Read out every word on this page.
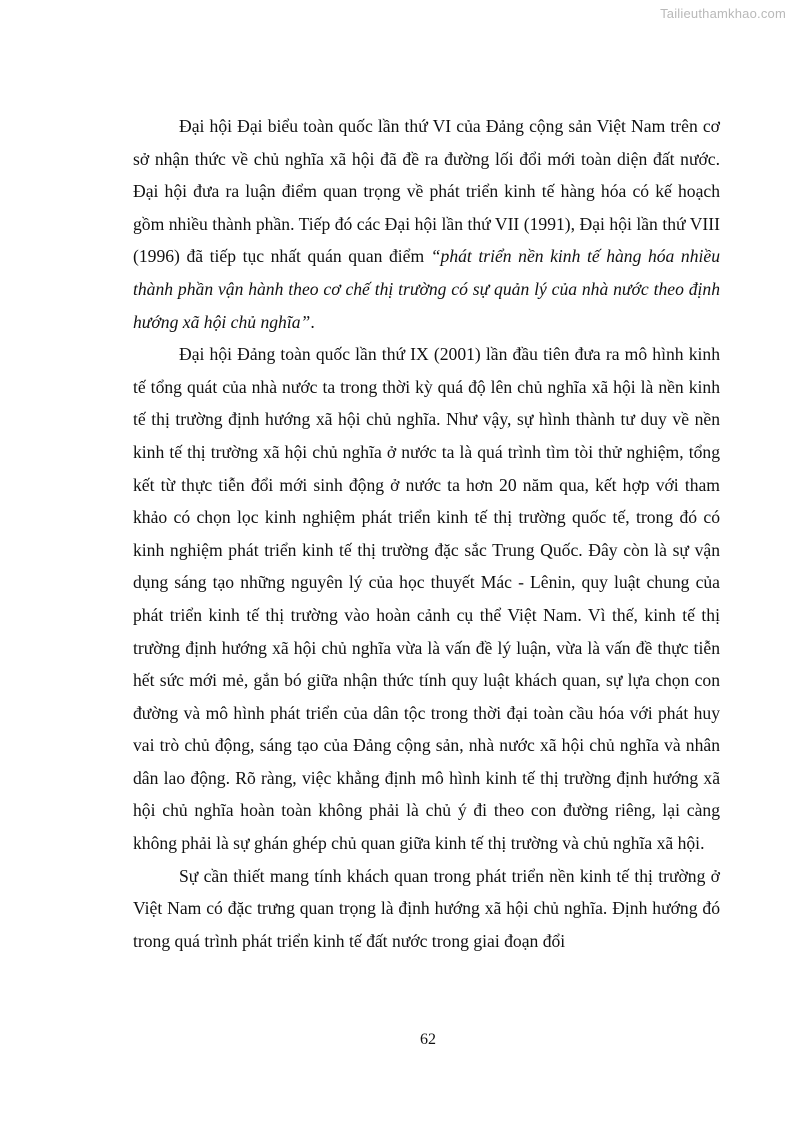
Tailieuthamkhao.com

Đại hội Đại biểu toàn quốc lần thứ VI của Đảng cộng sản Việt Nam trên cơ sở nhận thức về chủ nghĩa xã hội đã đề ra đường lối đổi mới toàn diện đất nước. Đại hội đưa ra luận điểm quan trọng về phát triển kinh tế hàng hóa có kế hoạch gồm nhiều thành phần. Tiếp đó các Đại hội lần thứ VII (1991), Đại hội lần thứ VIII (1996) đã tiếp tục nhất quán quan điểm “phát triển nền kinh tế hàng hóa nhiều thành phần vận hành theo cơ chế thị trường có sự quản lý của nhà nước theo định hướng xã hội chủ nghĩa”.

Đại hội Đảng toàn quốc lần thứ IX (2001) lần đầu tiên đưa ra mô hình kinh tế tổng quát của nhà nước ta trong thời kỳ quá độ lên chủ nghĩa xã hội là nền kinh tế thị trường định hướng xã hội chủ nghĩa. Như vậy, sự hình thành tư duy về nền kinh tế thị trường xã hội chủ nghĩa ở nước ta là quá trình tìm tòi thử nghiệm, tổng kết từ thực tiễn đổi mới sinh động ở nước ta hơn 20 năm qua, kết hợp với tham khảo có chọn lọc kinh nghiệm phát triển kinh tế thị trường quốc tế, trong đó có kinh nghiệm phát triển kinh tế thị trường đặc sắc Trung Quốc. Đây còn là sự vận dụng sáng tạo những nguyên lý của học thuyết Mác - Lênin, quy luật chung của phát triển kinh tế thị trường vào hoàn cảnh cụ thể Việt Nam. Vì thế, kinh tế thị trường định hướng xã hội chủ nghĩa vừa là vấn đề lý luận, vừa là vấn đề thực tiễn hết sức mới mẻ, gắn bó giữa nhận thức tính quy luật khách quan, sự lựa chọn con đường và mô hình phát triển của dân tộc trong thời đại toàn cầu hóa với phát huy vai trò chủ động, sáng tạo của Đảng cộng sản, nhà nước xã hội chủ nghĩa và nhân dân lao động. Rõ ràng, việc khẳng định mô hình kinh tế thị trường định hướng xã hội chủ nghĩa hoàn toàn không phải là chủ ý đi theo con đường riêng, lại càng không phải là sự ghán ghép chủ quan giữa kinh tế thị trường và chủ nghĩa xã hội.

Sự cần thiết mang tính khách quan trong phát triển nền kinh tế thị trường ở Việt Nam có đặc trưng quan trọng là định hướng xã hội chủ nghĩa. Định hướng đó trong quá trình phát triển kinh tế đất nước trong giai đoạn đổi

62
